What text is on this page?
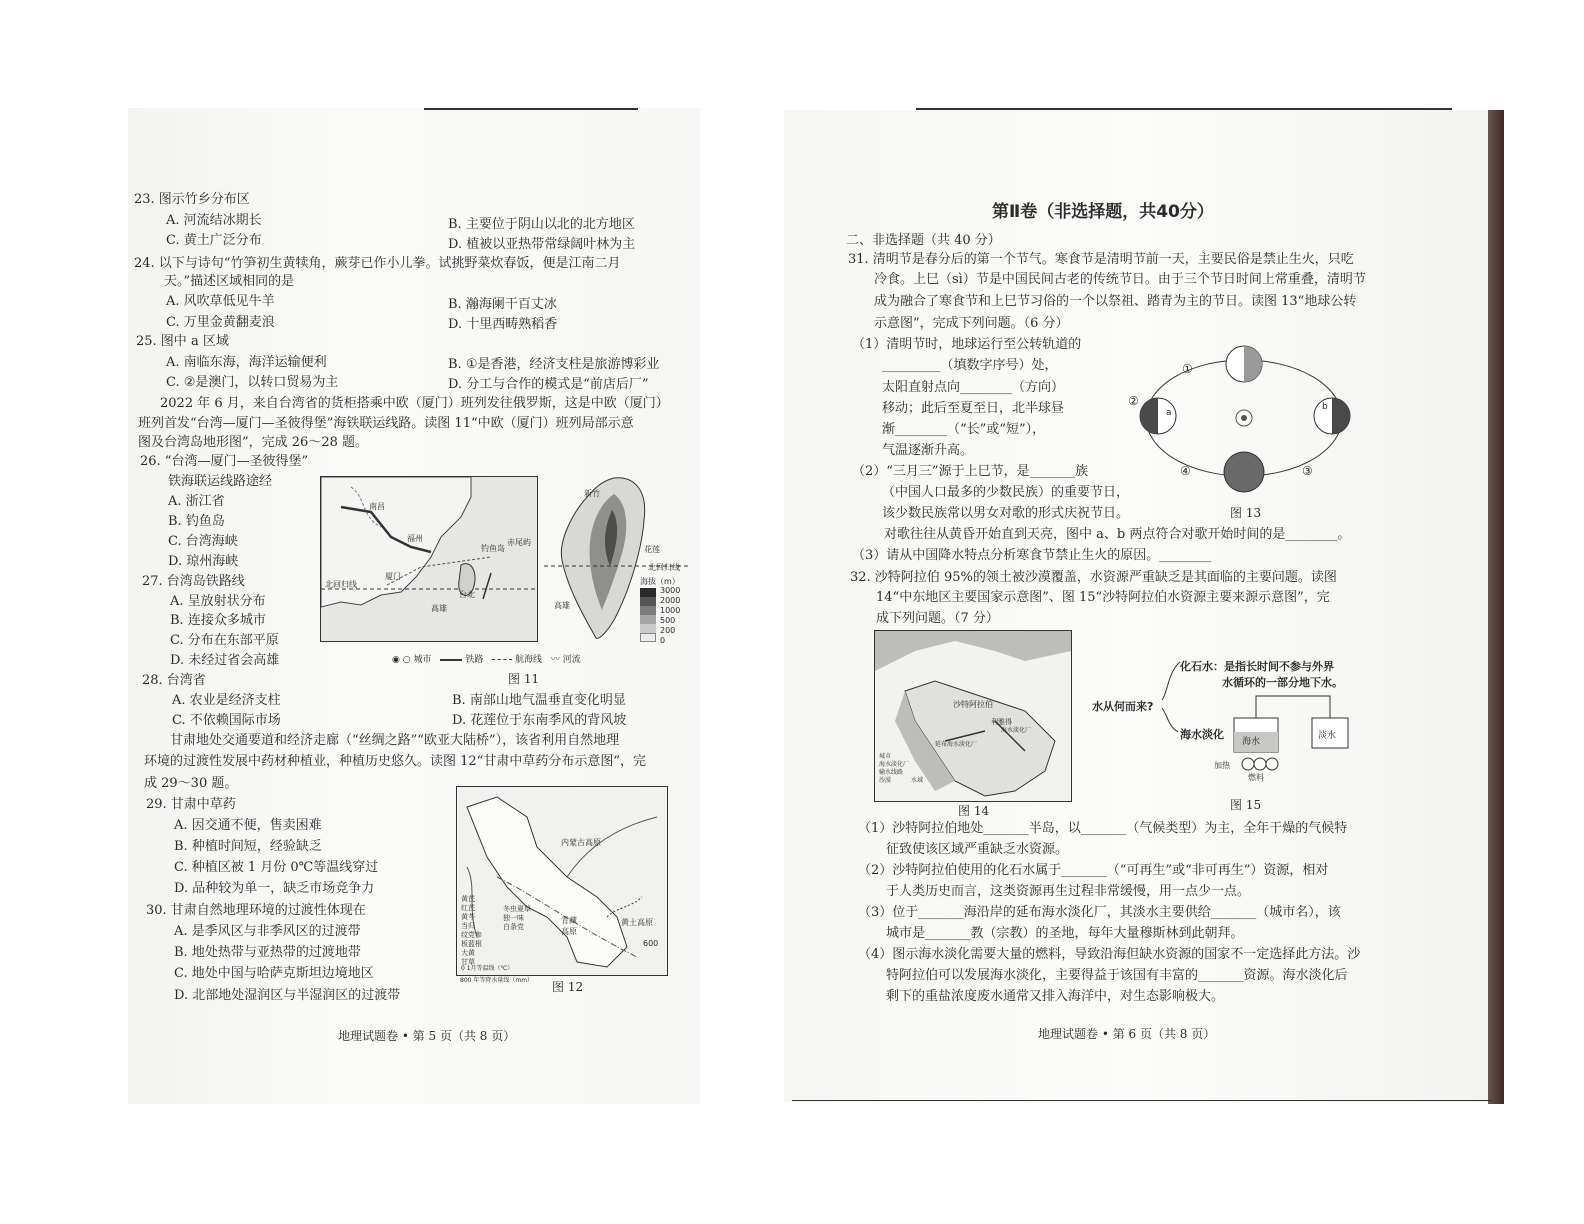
23. 图示竹乡分布区
A. 河流结冰期长	B. 主要位于阴山以北的北方地区
C. 黄土广泛分布	D. 植被以亚热带常绿阔叶林为主
24. 以下与诗句“竹笋初生黄犊角，蕨芽已作小儿拳。试挑野菜炊春饭，便是江南二月
天。”描述区域相同的是
A. 风吹草低见牛羊	B. 瀚海阑干百丈冰
C. 万里金黄翻麦浪	D. 十里西畴熟稻香
25. 图中 a 区域
A. 南临东海，海洋运输便利	B. ①是香港，经济支柱是旅游博彩业
C. ②是澳门，以转口贸易为主	D. 分工与合作的模式是“前店后厂”
2022 年 6 月，来自台湾省的货柜搭乘中欧（厦门）班列发往俄罗斯，这是中欧（厦门）
班列首发“台湾—厦门—圣彼得堡”海铁联运线路。读图 11“中欧（厦门）班列局部示意
图及台湾岛地形图”，完成 26～28 题。
26. “台湾—厦门—圣彼得堡”
铁海联运线路途经
A. 浙江省
B. 钓鱼岛
C. 台湾海峡
D. 琼州海峡
27. 台湾岛铁路线
A. 呈放射状分布
B. 连接众多城市
C. 分布在东部平原
D. 未经过省会高雄
28. 台湾省
A. 农业是经济支柱	B. 南部山地气温垂直变化明显
C. 不依赖国际市场	D. 花莲位于东南季风的背风坡
甘肃地处交通要道和经济走廊（“丝绸之路”“欧亚大陆桥”），该省利用自然地理
环境的过渡性发展中药材种植业，种植历史悠久。读图 12“甘肃中草药分布示意图”，完
成 29～30 题。
29. 甘肃中草药
A. 因交通不便，售卖困难
B. 种植时间短，经验缺乏
C. 种植区被 1 月份 0℃等温线穿过
D. 品种较为单一，缺乏市场竞争力
30. 甘肃自然地理环境的过渡性体现在
A. 是季风区与非季风区的过渡带
B. 地处热带与亚热带的过渡地带
C. 地处中国与哈萨克斯坦边境地区
D. 北部地处湿润区与半湿润区的过渡带
地理试题卷 • 第 5 页（共 8 页）
南昌
福州
厦门
高雄
台北
钓鱼岛
赤尾屿
北回归线
新竹
花莲
北回归线
高雄
海拔（m）
3000
2000
1000
500
200
0
◉ ○ 城市	铁路	航海线 〰 河流
图 11
内蒙古高原
青藏
高原
黄土高原
600
黄芪
红芪
黄芩
当归
纹党参
板蓝根
大黄
甘草
冬虫夏草
独一味
白条党
0 1月等温线（℃）
800 年等降水量线（mm） 图 12
第Ⅱ卷（非选择题，共40分）
二、非选择题（共 40 分）
31. 清明节是春分后的第一个节气。寒食节是清明节前一天，主要民俗是禁止生火，只吃
冷食。上巳（sì）节是中国民间古老的传统节日。由于三个节日时间上常重叠，清明节
成为融合了寒食节和上巳节习俗的一个以祭祖、踏青为主的节日。读图 13“地球公转
示意图”，完成下列问题。（6 分）
（1）清明节时，地球运行至公转轨道的
_________（填数字序号）处，
太阳直射点向________（方向）
移动；此后至夏至日，北半球昼
渐________（“长”或“短”），
气温逐渐升高。
（2）“三月三”源于上巳节，是_______族
（中国人口最多的少数民族）的重要节日，
该少数民族常以男女对歌的形式庆祝节日。
对歌往往从黄昏开始直到天亮，图中 a、b 两点符合对歌开始时间的是________。
（3）请从中国降水特点分析寒食节禁止生火的原因。________
①
②
③
④
a
b
图 13
32. 沙特阿拉伯 95%的领土被沙漠覆盖，水资源严重缺乏是其面临的主要问题。读图
14“中东地区主要国家示意图”、图 15“沙特阿拉伯水资源主要来源示意图”，完
成下列问题。（7 分）
沙特阿拉伯
利雅得
海水淡化厂
延布海水淡化厂
城市
海水淡化厂
输水线路
沙漠	水域
图 14
水从何而来?
化石水：是指长时间不参与外界
水循环的一部分地下水。
海水淡化
海水
淡水
加热
燃料
图 15
（1）沙特阿拉伯地处_______半岛，以_______（气候类型）为主，全年干燥的气候特
征致使该区域严重缺乏水资源。
（2）沙特阿拉伯使用的化石水属于_______（“可再生”或“非可再生”）资源，相对
于人类历史而言，这类资源再生过程非常缓慢，用一点少一点。
（3）位于_______海沿岸的延布海水淡化厂，其淡水主要供给_______（城市名），该
城市是_______教（宗教）的圣地，每年大量穆斯林到此朝拜。
（4）图示海水淡化需要大量的燃料，导致沿海但缺水资源的国家不一定选择此方法。沙
特阿拉伯可以发展海水淡化，主要得益于该国有丰富的_______资源。海水淡化后
剩下的重盐浓度废水通常又排入海洋中，对生态影响极大。
地理试题卷 • 第 6 页（共 8 页）
